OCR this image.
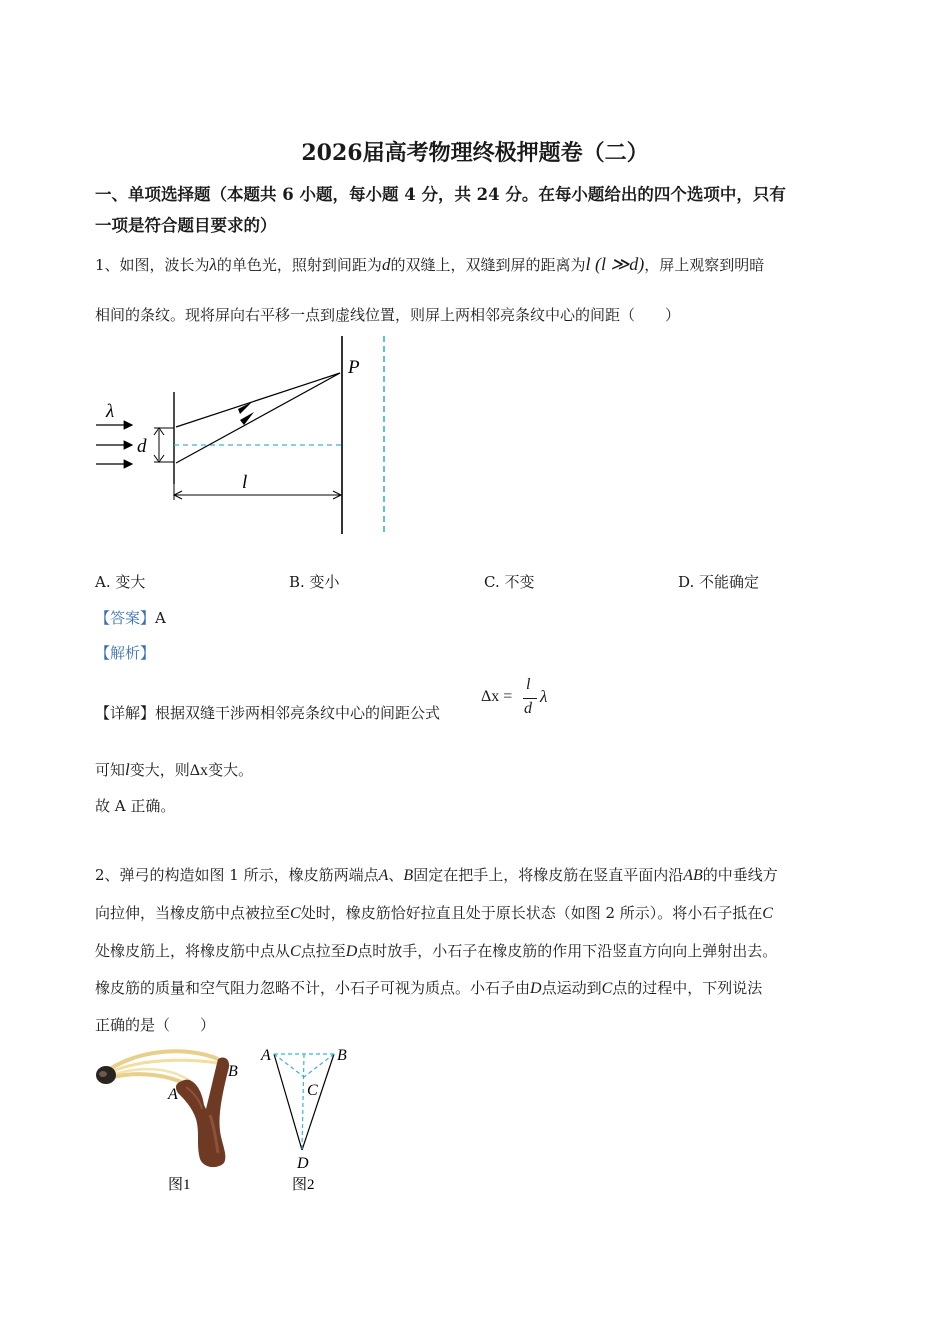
2026届高考物理终极押题卷（二）
一、单项选择题（本题共 6 小题，每小题 4 分，共 24 分。在每小题给出的四个选项中，只有
一项是符合题目要求的）
1、如图，波长为λ的单色光，照射到间距为d的双缝上，双缝到屏的距离为l (l ≫d)，屏上观察到明暗
相间的条纹。现将屏向右平移一点到虚线位置，则屏上两相邻亮条纹中心的间距（　　）
λ
d
P
l
A. 变大	B. 变小	C. 不变	D. 不能确定
【答案】A
【解析】
【详解】根据双缝干涉两相邻亮条纹中心的间距公式
Δx =
l
d
λ
可知l变大，则Δx变大。
故 A 正确。
2、弹弓的构造如图 1 所示，橡皮筋两端点A、B固定在把手上，将橡皮筋在竖直平面内沿AB的中垂线方
向拉伸，当橡皮筋中点被拉至C处时，橡皮筋恰好拉直且处于原长状态（如图 2 所示）。将小石子抵在C
处橡皮筋上，将橡皮筋中点从C点拉至D点时放手，小石子在橡皮筋的作用下沿竖直方向向上弹射出去。
橡皮筋的质量和空气阻力忽略不计，小石子可视为质点。小石子由D点运动到C点的过程中，下列说法
正确的是（　　）
B
A
图1
A	B
C
D
图2
